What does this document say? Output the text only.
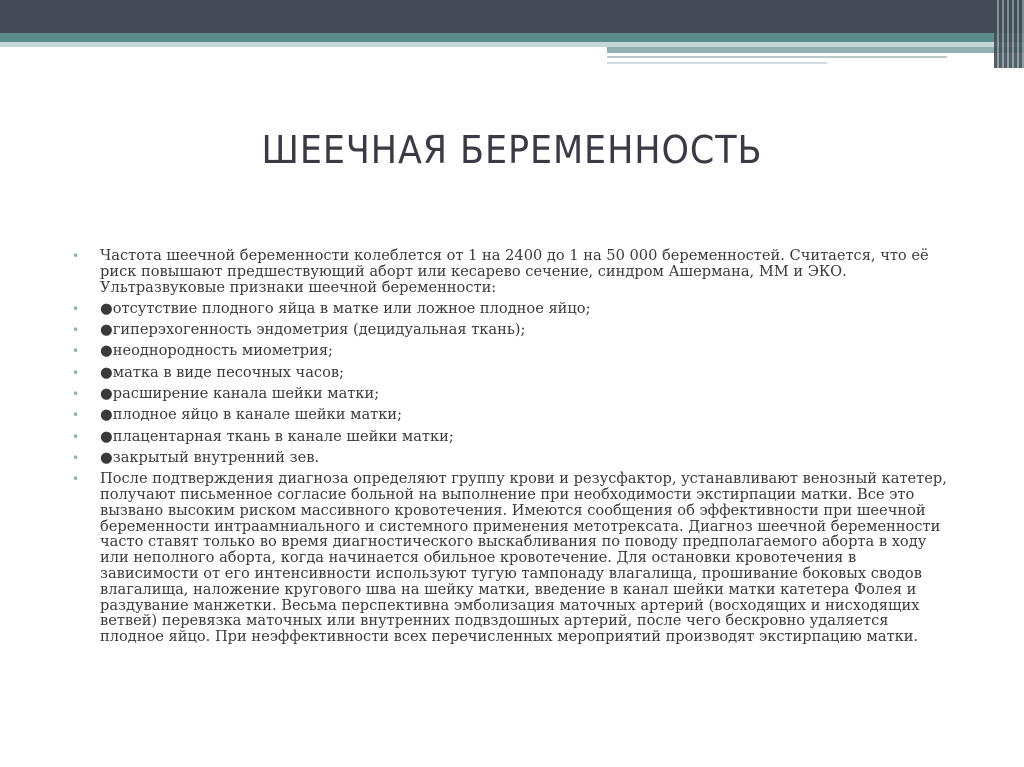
ШЕЕЧНАЯ БЕРЕМЕННОСТЬ
• Частота шеечной беременности колеблется от 1 на 2400 до 1 на 50 000 беременностей. Считается, что её риск повышают предшествующий аборт или кесарево сечение, синдром Ашермана, ММ и ЭКО. Ультразвуковые признаки шеечной беременности:
• ●отсутствие плодного яйца в матке или ложное плодное яйцо;
• ●гиперэхогенность эндометрия (децидуальная ткань);
• ●неоднородность миометрия;
• ●матка в виде песочных часов;
• ●расширение канала шейки матки;
• ●плодное яйцо в канале шейки матки;
• ●плацентарная ткань в канале шейки матки;
• ●закрытый внутренний зев.
• После подтверждения диагноза определяют группу крови и резусфактор, устанавливают венозный катетер, получают письменное согласие больной на выполнение при необходимости экстирпации матки. Все это вызвано высоким риском массивного кровотечения. Имеются сообщения об эффективности при шеечной беременности интраамниального и системного применения метотрексата. Диагноз шеечной беременности часто ставят только во время диагностического выскабливания по поводу предполагаемого аборта в ходу или неполного аборта, когда начинается обильное кровотечение. Для остановки кровотечения в зависимости от его интенсивности используют тугую тампонаду влагалища, прошивание боковых сводов влагалища, наложение кругового шва на шейку матки, введение в канал шейки матки катетера Фолея и раздувание манжетки. Весьма перспективна эмболизация маточных артерий (восходящих и нисходящих ветвей) перевязка маточных или внутренних подвздошных артерий, после чего бескровно удаляется плодное яйцо. При неэффективности всех перечисленных мероприятий производят экстирпацию матки.
